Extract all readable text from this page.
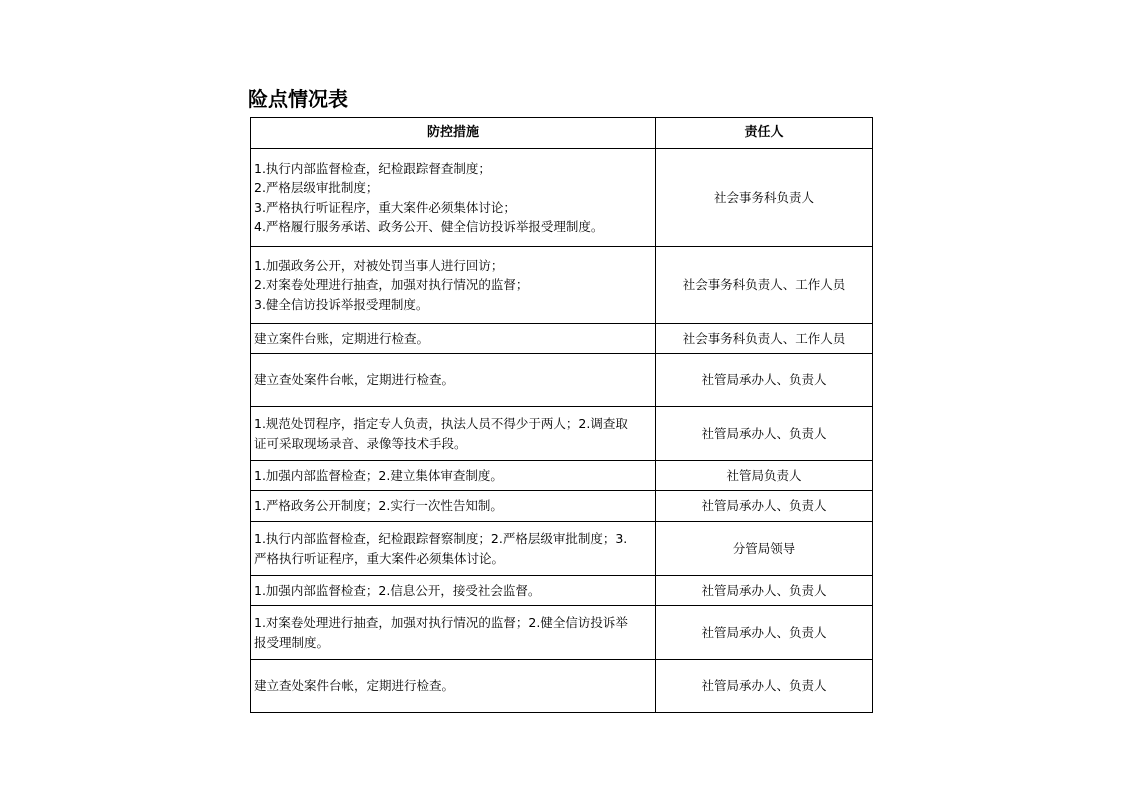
险点情况表
防控措施	责任人

1.执行内部监督检查，纪检跟踪督查制度；
2.严格层级审批制度；
3.严格执行听证程序，重大案件必须集体讨论；
4.严格履行服务承诺、政务公开、健全信访投诉举报受理制度。	社会事务科负责人

1.加强政务公开，对被处罚当事人进行回访；
2.对案卷处理进行抽查，加强对执行情况的监督；
3.健全信访投诉举报受理制度。	社会事务科负责人、工作人员

建立案件台账，定期进行检查。	社会事务科负责人、工作人员

建立查处案件台帐，定期进行检查。	社管局承办人、负责人

1.规范处罚程序，指定专人负责，执法人员不得少于两人；2.调查取
证可采取现场录音、录像等技术手段。	社管局承办人、负责人

1.加强内部监督检查；2.建立集体审查制度。	社管局负责人

1.严格政务公开制度；2.实行一次性告知制。	社管局承办人、负责人

1.执行内部监督检查，纪检跟踪督察制度；2.严格层级审批制度；3.
严格执行听证程序，重大案件必须集体讨论。	分管局领导

1.加强内部监督检查；2.信息公开，接受社会监督。	社管局承办人、负责人

1.对案卷处理进行抽查，加强对执行情况的监督；2.健全信访投诉举
报受理制度。	社管局承办人、负责人

建立查处案件台帐，定期进行检查。	社管局承办人、负责人
